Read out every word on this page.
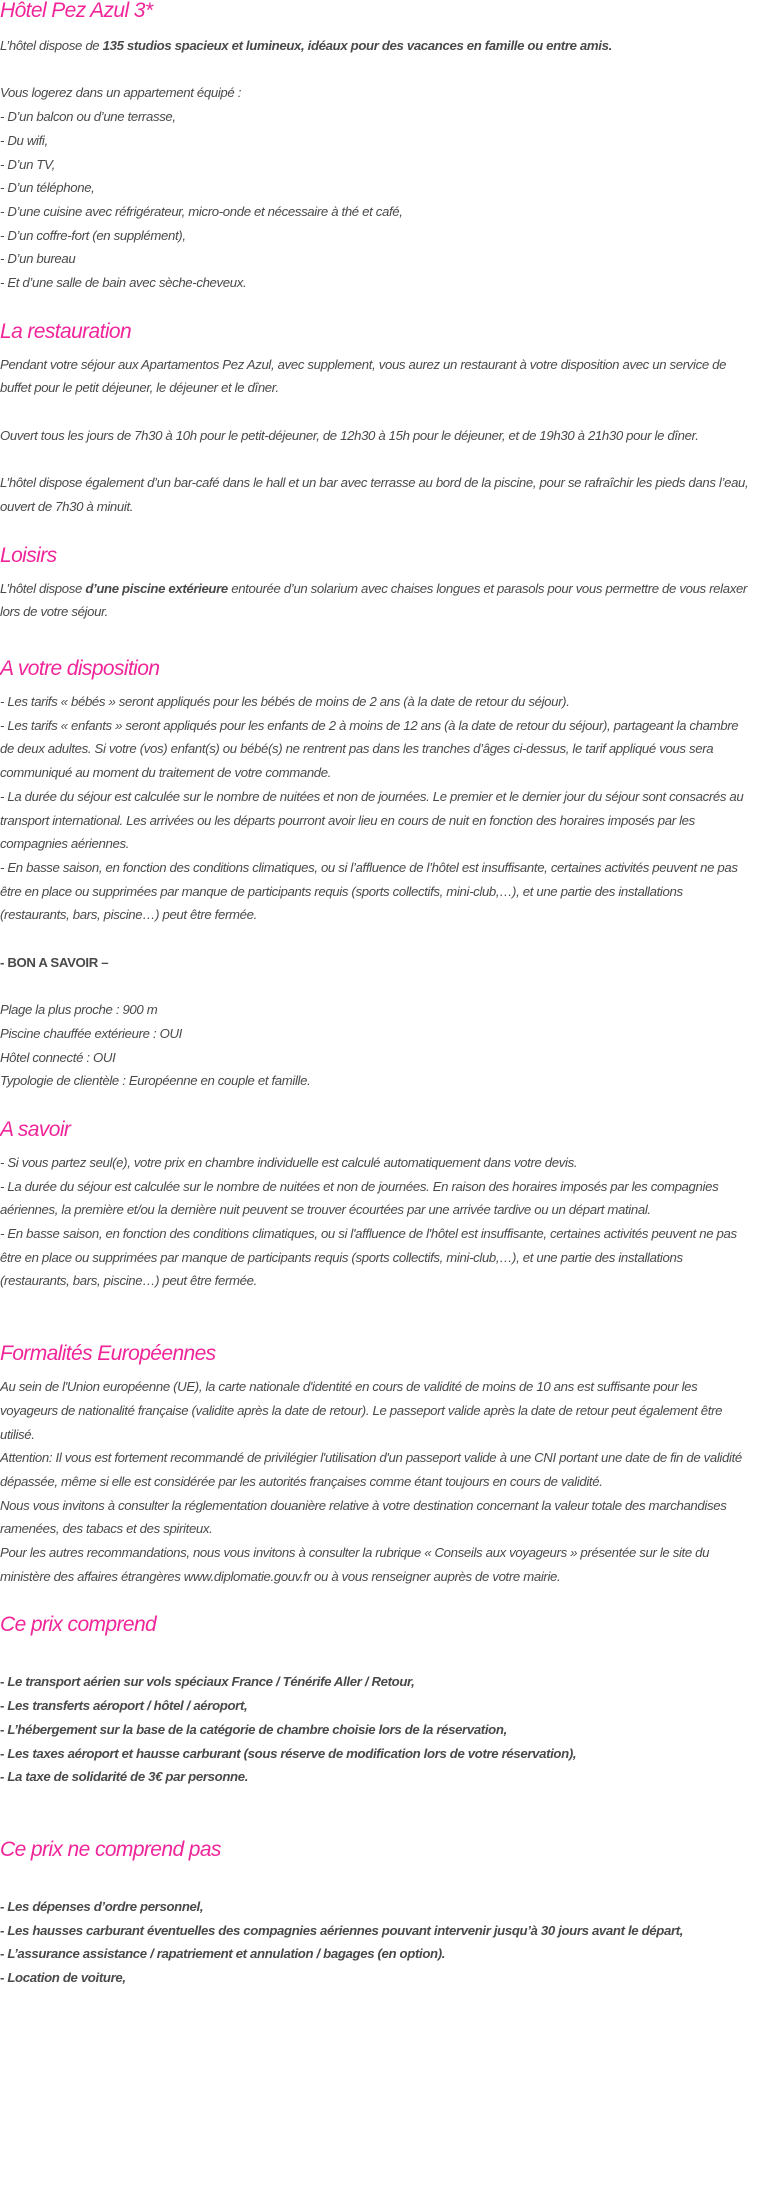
Hôtel Pez Azul 3*

L’hôtel dispose de 135 studios spacieux et lumineux, idéaux pour des vacances en famille ou entre amis.

Vous logerez dans un appartement équipé :

- D’un balcon ou d’une terrasse,
- Du wifi,
- D’un TV,
- D’un téléphone,
- D’une cuisine avec réfrigérateur, micro-onde et nécessaire à thé et café,
- D’un coffre-fort (en supplément),
- D’un bureau
- Et d’une salle de bain avec sèche-cheveux.
La restauration

Pendant votre séjour aux Apartamentos Pez Azul, avec supplement, vous aurez un restaurant à votre disposition avec un service de buffet pour le petit déjeuner, le déjeuner et le dîner.

Ouvert tous les jours de 7h30 à 10h pour le petit-déjeuner, de 12h30 à 15h pour le déjeuner, et de 19h30 à 21h30 pour le dîner.

L’hôtel dispose également d’un bar-café dans le hall et un bar avec terrasse au bord de la piscine, pour se rafraîchir les pieds dans l’eau, ouvert de 7h30 à minuit.

Loisirs

L’hôtel dispose d’une piscine extérieure entourée d’un solarium avec chaises longues et parasols pour vous permettre de vous relaxer lors de votre séjour.

A votre disposition
- Les tarifs « bébés » seront appliqués pour les bébés de moins de 2 ans (à la date de retour du séjour).
- Les tarifs « enfants » seront appliqués pour les enfants de 2 à moins de 12 ans (à la date de retour du séjour), partageant la chambre de deux adultes. Si votre (vos) enfant(s) ou bébé(s) ne rentrent pas dans les tranches d’âges ci-dessus, le tarif appliqué vous sera communiqué au moment du traitement de votre commande.
- La durée du séjour est calculée sur le nombre de nuitées et non de journées. Le premier et le dernier jour du séjour sont consacrés au transport international. Les arrivées ou les départs pourront avoir lieu en cours de nuit en fonction des horaires imposés par les compagnies aériennes.
- En basse saison, en fonction des conditions climatiques, ou si l’affluence de l’hôtel est insuffisante, certaines activités peuvent ne pas être en place ou supprimées par manque de participants requis (sports collectifs, mini-club,…), et une partie des installations (restaurants, bars, piscine…) peut être fermée.

- BON A SAVOIR –

Plage la plus proche : 900 m
Piscine chauffée extérieure : OUI
Hôtel connecté : OUI
Typologie de clientèle : Européenne en couple et famille.
A savoir
- Si vous partez seul(e), votre prix en chambre individuelle est calculé automatiquement dans votre devis.
- La durée du séjour est calculée sur le nombre de nuitées et non de journées. En raison des horaires imposés par les compagnies aériennes, la première et/ou la dernière nuit peuvent se trouver écourtées par une arrivée tardive ou un départ matinal.
- En basse saison, en fonction des conditions climatiques, ou si l'affluence de l'hôtel est insuffisante, certaines activités peuvent ne pas être en place ou supprimées par manque de participants requis (sports collectifs, mini-club,…), et une partie des installations (restaurants, bars, piscine…) peut être fermée.
Formalités Européennes
Au sein de l'Union européenne (UE), la carte nationale d'identité en cours de validité de moins de 10 ans est suffisante pour les voyageurs de nationalité française (validite après la date de retour). Le passeport valide après la date de retour peut également être utilisé.
Attention: Il vous est fortement recommandé de privilégier l'utilisation d'un passeport valide à une CNI portant une date de fin de validité dépassée, même si elle est considérée par les autorités françaises comme étant toujours en cours de validité.
Nous vous invitons à consulter la réglementation douanière relative à votre destination concernant la valeur totale des marchandises ramenées, des tabacs et des spiriteux.
Pour les autres recommandations, nous vous invitons à consulter la rubrique « Conseils aux voyageurs » présentée sur le site du ministère des affaires étrangères www.diplomatie.gouv.fr ou à vous renseigner auprès de votre mairie.
Ce prix comprend
- Le transport aérien sur vols spéciaux France / Ténérife Aller / Retour,
- Les transferts aéroport / hôtel / aéroport,
- L’hébergement sur la base de la catégorie de chambre choisie lors de la réservation,
- Les taxes aéroport et hausse carburant (sous réserve de modification lors de votre réservation),
- La taxe de solidarité de 3€ par personne.
Ce prix ne comprend pas
- Les dépenses d’ordre personnel,
- Les hausses carburant éventuelles des compagnies aériennes pouvant intervenir jusqu’à 30 jours avant le départ,
- L’assurance assistance / rapatriement et annulation / bagages (en option).
- Location de voiture,
